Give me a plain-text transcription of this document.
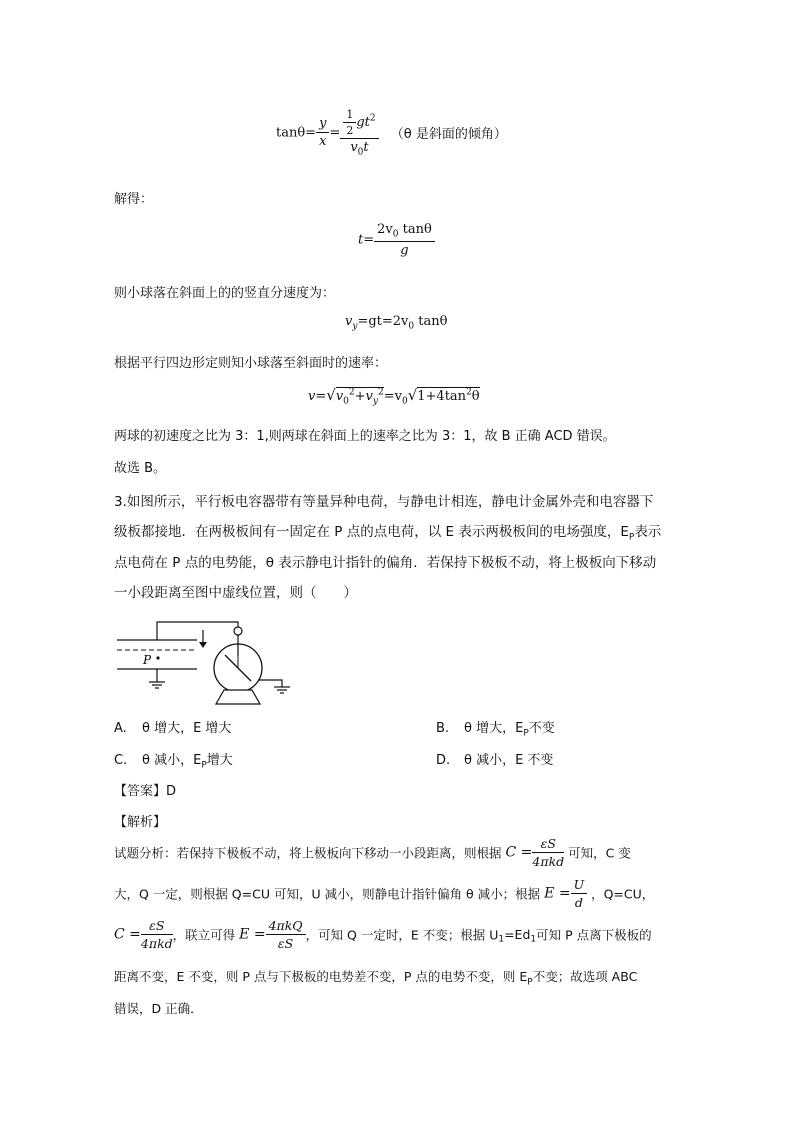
$\tan\theta= \frac{y}{x} = \frac{\frac{1}{2} gt^2}{v_0t} (\theta$ 是斜面的倾角）
解得：
$t= \frac{2v_0 \tan\theta}{g}$
则小球落在斜面上的的竖直分速度为：
$v_y=gt=2v_0$ tanθ
根据平行四边形定则知小球落至斜面时的速率：
$v=√v_0^2+v_y^2=v_0√1+4\tan^2\theta$
两球的初速度之比为 3：1,则两球在斜面上的速率之比为 3：1，故 B 正确 ACD 错误。
故选 B。
3.如图所示，平行板电容器带有等量异种电荷，与静电计相连，静电计金属外壳和电容器下
级板都接地．在两极板间有一固定在 P 点的点电荷，以 E 表示两极板间的电场强度，$E_P$表示
点电荷在 P 点的电势能，θ 表示静电计指针的偏角．若保持下极板不动，将上极板向下移动
一小段距离至图中虚线位置，则（　　）
P
A. θ 增大，E 增大	B. θ 增大，$E_P$不变
C. θ 减小，$E_P$增大	D. θ 减小，E 不变
【答案】D
【解析】
试题分析：若保持下极板不动，将上极板向下移动一小段距离，则根据 $C = \frac{\varepsilon S}{\text{4πkd}}$ 可知，C 变
大，Q 一定，则根据 Q=CU 可知，U 减小，则静电计指针偏角 θ 减小；根据 $E = \frac{U}{d}$ ，Q=CU，
$C = \frac{\varepsilon S}{\text{4πkd}}$ ，联立可得 $E = \frac{\text{4πkQ}}{\varepsilon S}$ ，可知 Q 一定时，E 不变；根据 $U_1=Ed_1$可知 P 点离下极板的
距离不变，E 不变，则 P 点与下极板的电势差不变，P 点的电势不变，则 $E_P$不变；故选项 ABC
错误，D 正确．
